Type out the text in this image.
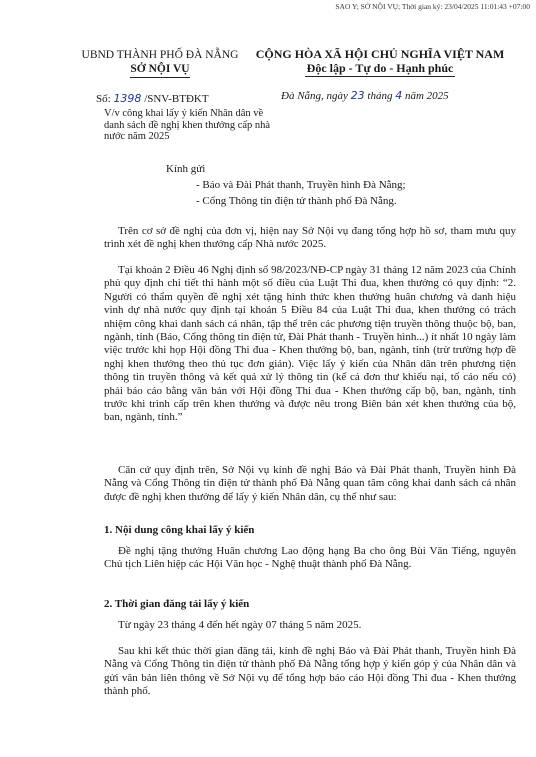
SAO Y; SỞ NỘI VỤ; Thời gian ký: 23/04/2025 11:01:43 +07:00
UBND THÀNH PHỐ ĐÀ NẴNG
SỞ NỘI VỤ
CỘNG HÒA XÃ HỘI CHỦ NGHĨA VIỆT NAM
Độc lập - Tự do - Hạnh phúc
Số: 1398 /SNV-BTĐKT	Đà Nẵng, ngày 23 tháng 4 năm 2025
V/v công khai lấy ý kiến Nhân dân về danh sách đề nghị khen thưởng cấp nhà nước năm 2025
Kính gửi
- Báo và Đài Phát thanh, Truyền hình Đà Nẵng;
- Cổng Thông tin điện tử thành phố Đà Nẵng.
Trên cơ sở đề nghị của đơn vị, hiện nay Sở Nội vụ đang tổng hợp hồ sơ, tham mưu quy trình xét đề nghị khen thưởng cấp Nhà nước 2025.
Tại khoản 2 Điều 46 Nghị định số 98/2023/NĐ-CP ngày 31 tháng 12 năm 2023 của Chính phủ quy định chi tiết thi hành một số điều của Luật Thi đua, khen thưởng có quy định: “2. Người có thẩm quyền đề nghị xét tặng hình thức khen thưởng huân chương và danh hiệu vinh dự nhà nước quy định tại khoản 5 Điều 84 của Luật Thi đua, khen thưởng có trách nhiệm công khai danh sách cá nhân, tập thể trên các phương tiện truyền thông thuộc bộ, ban, ngành, tỉnh (Báo, Cổng thông tin điện tử, Đài Phát thanh - Truyền hình...) ít nhất 10 ngày làm việc trước khi họp Hội đồng Thi đua - Khen thưởng bộ, ban, ngành, tỉnh (trừ trường hợp đề nghị khen thưởng theo thủ tục đơn giản). Việc lấy ý kiến của Nhân dân trên phương tiện thông tin truyền thông và kết quả xử lý thông tin (kể cả đơn thư khiếu nại, tố cáo nếu có) phải báo cáo bằng văn bản với Hội đồng Thi đua - Khen thưởng cấp bộ, ban, ngành, tỉnh trước khi trình cấp trên khen thưởng và được nêu trong Biên bản xét khen thưởng của bộ, ban, ngành, tỉnh.”
Căn cứ quy định trên, Sở Nội vụ kính đề nghị Báo và Đài Phát thanh, Truyền hình Đà Nẵng và Cổng Thông tin điện tử thành phố Đà Nẵng quan tâm công khai danh sách cá nhân được đề nghị khen thưởng để lấy ý kiến Nhân dân, cụ thể như sau:
1. Nội dung công khai lấy ý kiến
Đề nghị tặng thưởng Huân chương Lao động hạng Ba cho ông Bùi Văn Tiếng, nguyên Chủ tịch Liên hiệp các Hội Văn học - Nghệ thuật thành phố Đà Nẵng.
2. Thời gian đăng tải lấy ý kiến
Từ ngày 23 tháng 4 đến hết ngày 07 tháng 5 năm 2025.
Sau khi kết thúc thời gian đăng tải, kính đề nghị Báo và Đài Phát thanh, Truyền hình Đà Nẵng và Cổng Thông tin điện tử thành phố Đà Nẵng tổng hợp ý kiến góp ý của Nhân dân và gửi văn bản liên thông về Sở Nội vụ để tổng hợp báo cáo Hội đồng Thi đua - Khen thưởng thành phố.
